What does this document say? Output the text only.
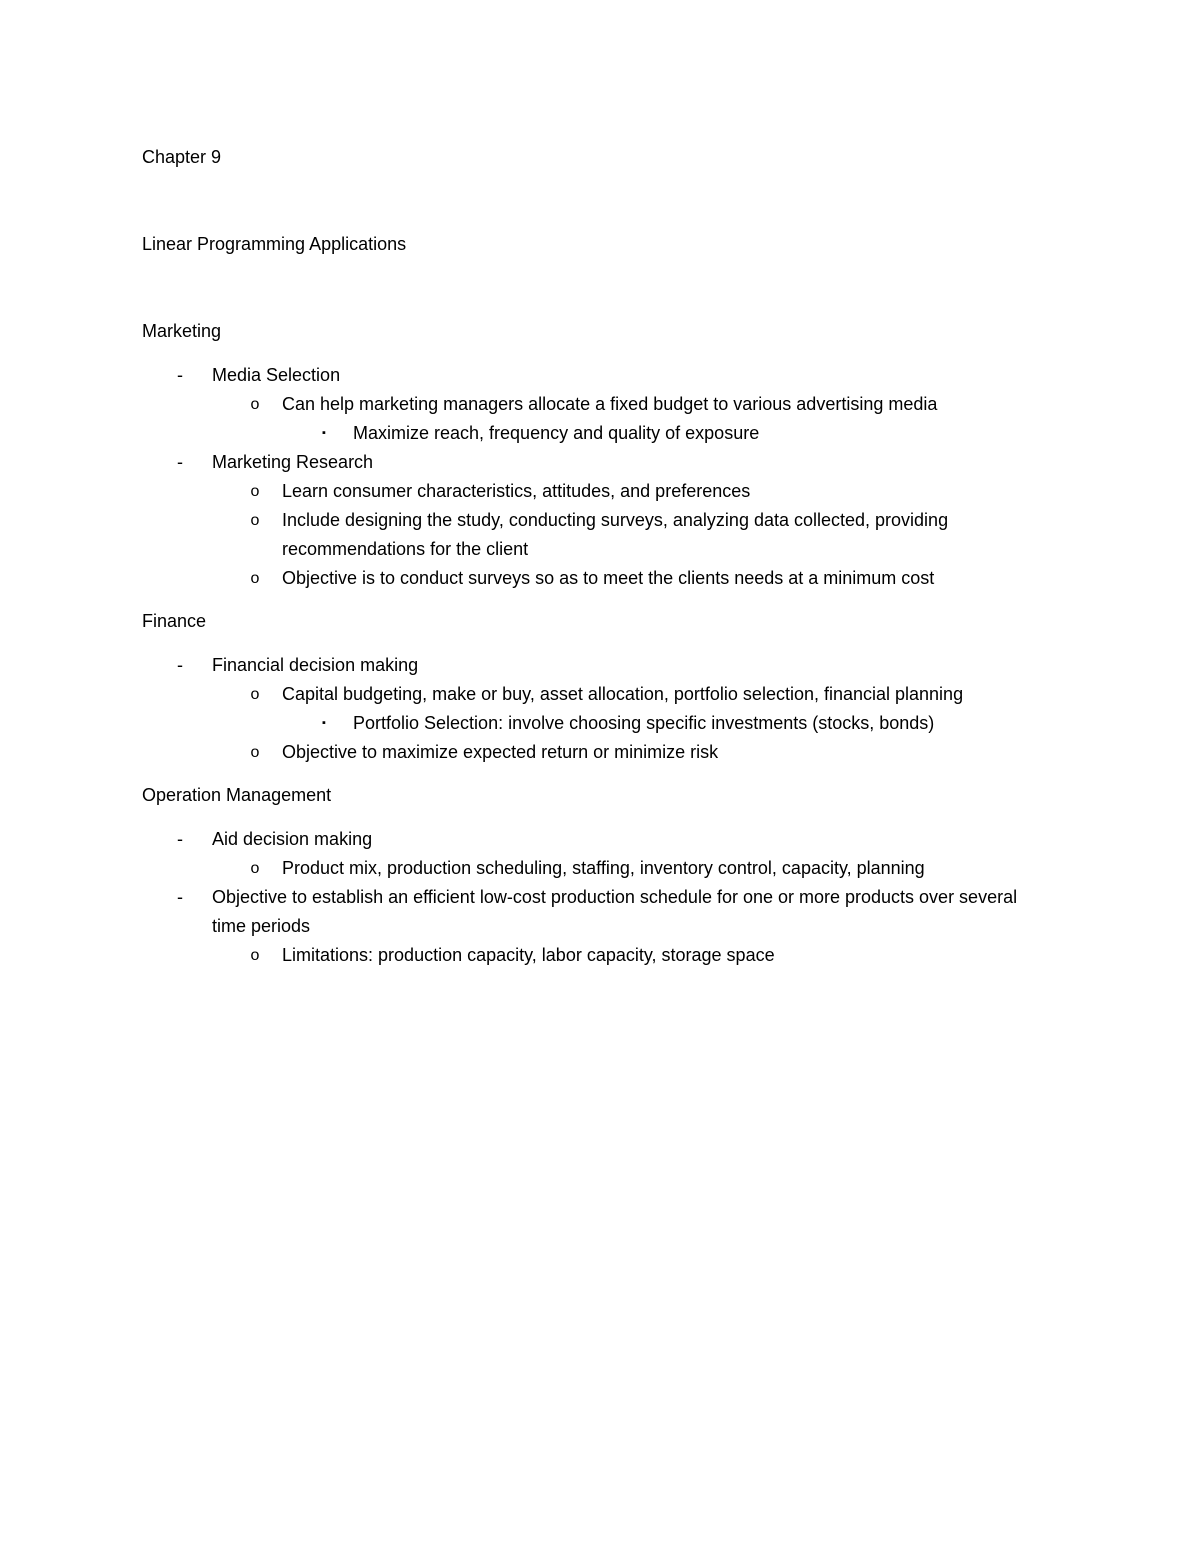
Chapter 9
Linear Programming Applications
Marketing
- Media Selection
o Can help marketing managers allocate a fixed budget to various advertising media
▪ Maximize reach, frequency and quality of exposure
- Marketing Research
o Learn consumer characteristics, attitudes, and preferences
o Include designing the study, conducting surveys, analyzing data collected, providing recommendations for the client
o Objective is to conduct surveys so as to meet the clients needs at a minimum cost
Finance
- Financial decision making
o Capital budgeting, make or buy, asset allocation, portfolio selection, financial planning
▪ Portfolio Selection: involve choosing specific investments (stocks, bonds)
o Objective to maximize expected return or minimize risk
Operation Management
- Aid decision making
o Product mix, production scheduling, staffing, inventory control, capacity, planning
- Objective to establish an efficient low-cost production schedule for one or more products over several time periods
o Limitations: production capacity, labor capacity, storage space
